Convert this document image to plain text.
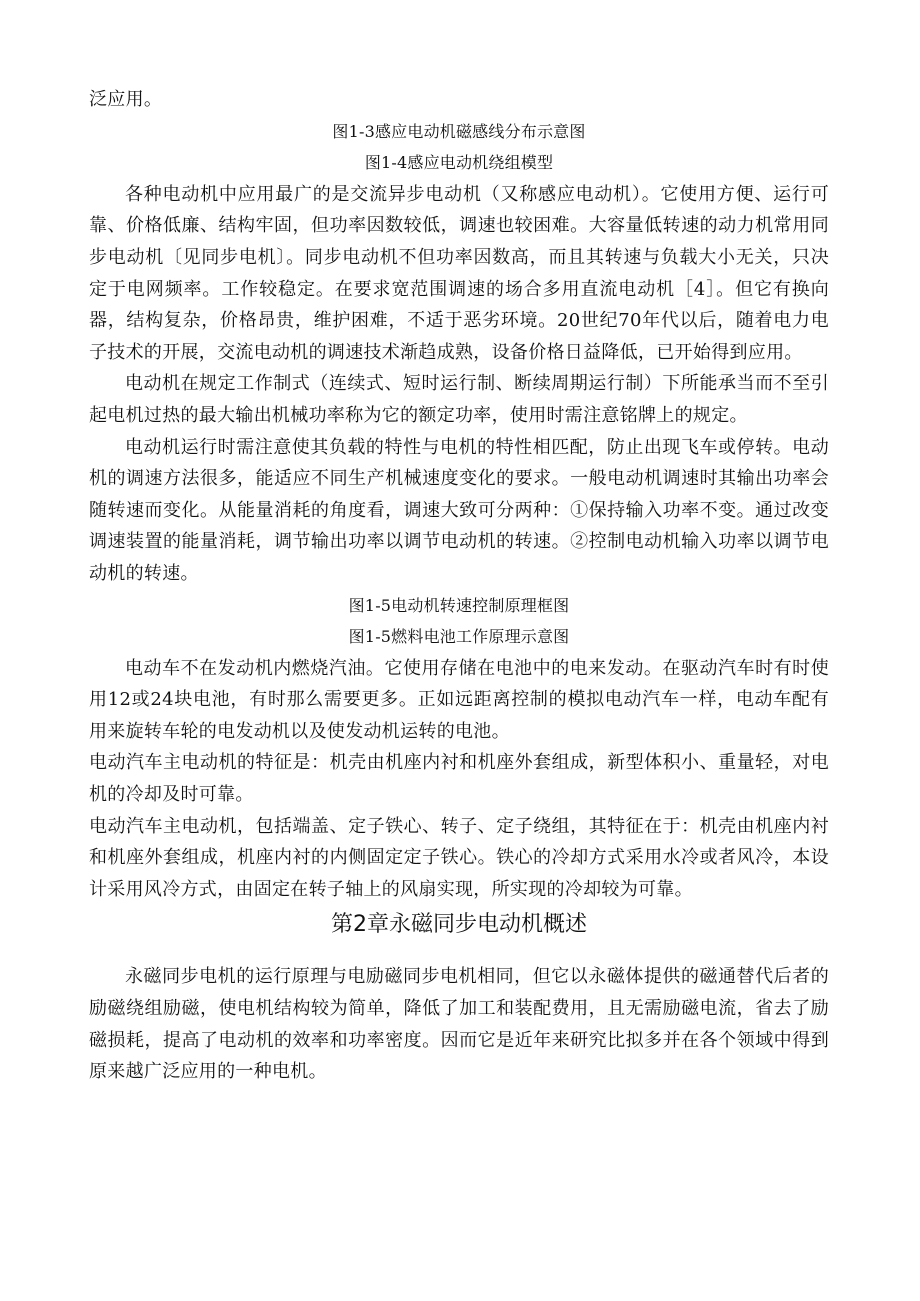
泛应用。

图1-3感应电动机磁感线分布示意图

图1-4感应电动机绕组模型

各种电动机中应用最广的是交流异步电动机（又称感应电动机）。它使用方便、运行可靠、价格低廉、结构牢固，但功率因数较低，调速也较困难。大容量低转速的动力机常用同步电动机〔见同步电机〕。同步电动机不但功率因数高，而且其转速与负载大小无关，只决定于电网频率。工作较稳定。在要求宽范围调速的场合多用直流电动机［4］。但它有换向器，结构复杂，价格昂贵，维护困难，不适于恶劣环境。20世纪70年代以后，随着电力电子技术的开展，交流电动机的调速技术渐趋成熟，设备价格日益降低，已开始得到应用。

电动机在规定工作制式（连续式、短时运行制、断续周期运行制）下所能承当而不至引起电机过热的最大输出机械功率称为它的额定功率，使用时需注意铭牌上的规定。

电动机运行时需注意使其负载的特性与电机的特性相匹配，防止出现飞车或停转。电动机的调速方法很多，能适应不同生产机械速度变化的要求。一般电动机调速时其输出功率会随转速而变化。从能量消耗的角度看，调速大致可分两种：①保持输入功率不变。通过改变调速装置的能量消耗，调节输出功率以调节电动机的转速。②控制电动机输入功率以调节电动机的转速。

图1-5电动机转速控制原理框图

图1-5燃料电池工作原理示意图

电动车不在发动机内燃烧汽油。它使用存储在电池中的电来发动。在驱动汽车时有时使用12或24块电池，有时那么需要更多。正如远距离控制的模拟电动汽车一样，电动车配有用来旋转车轮的电发动机以及使发动机运转的电池。

电动汽车主电动机的特征是：机壳由机座内衬和机座外套组成，新型体积小、重量轻，对电机的冷却及时可靠。

电动汽车主电动机，包括端盖、定子铁心、转子、定子绕组，其特征在于：机壳由机座内衬和机座外套组成，机座内衬的内侧固定定子铁心。铁心的冷却方式采用水冷或者风冷，本设计采用风冷方式，由固定在转子轴上的风扇实现，所实现的冷却较为可靠。

第2章永磁同步电动机概述

永磁同步电机的运行原理与电励磁同步电机相同，但它以永磁体提供的磁通替代后者的励磁绕组励磁，使电机结构较为简单，降低了加工和装配费用，且无需励磁电流，省去了励磁损耗，提高了电动机的效率和功率密度。因而它是近年来研究比拟多并在各个领域中得到原来越广泛应用的一种电机。
